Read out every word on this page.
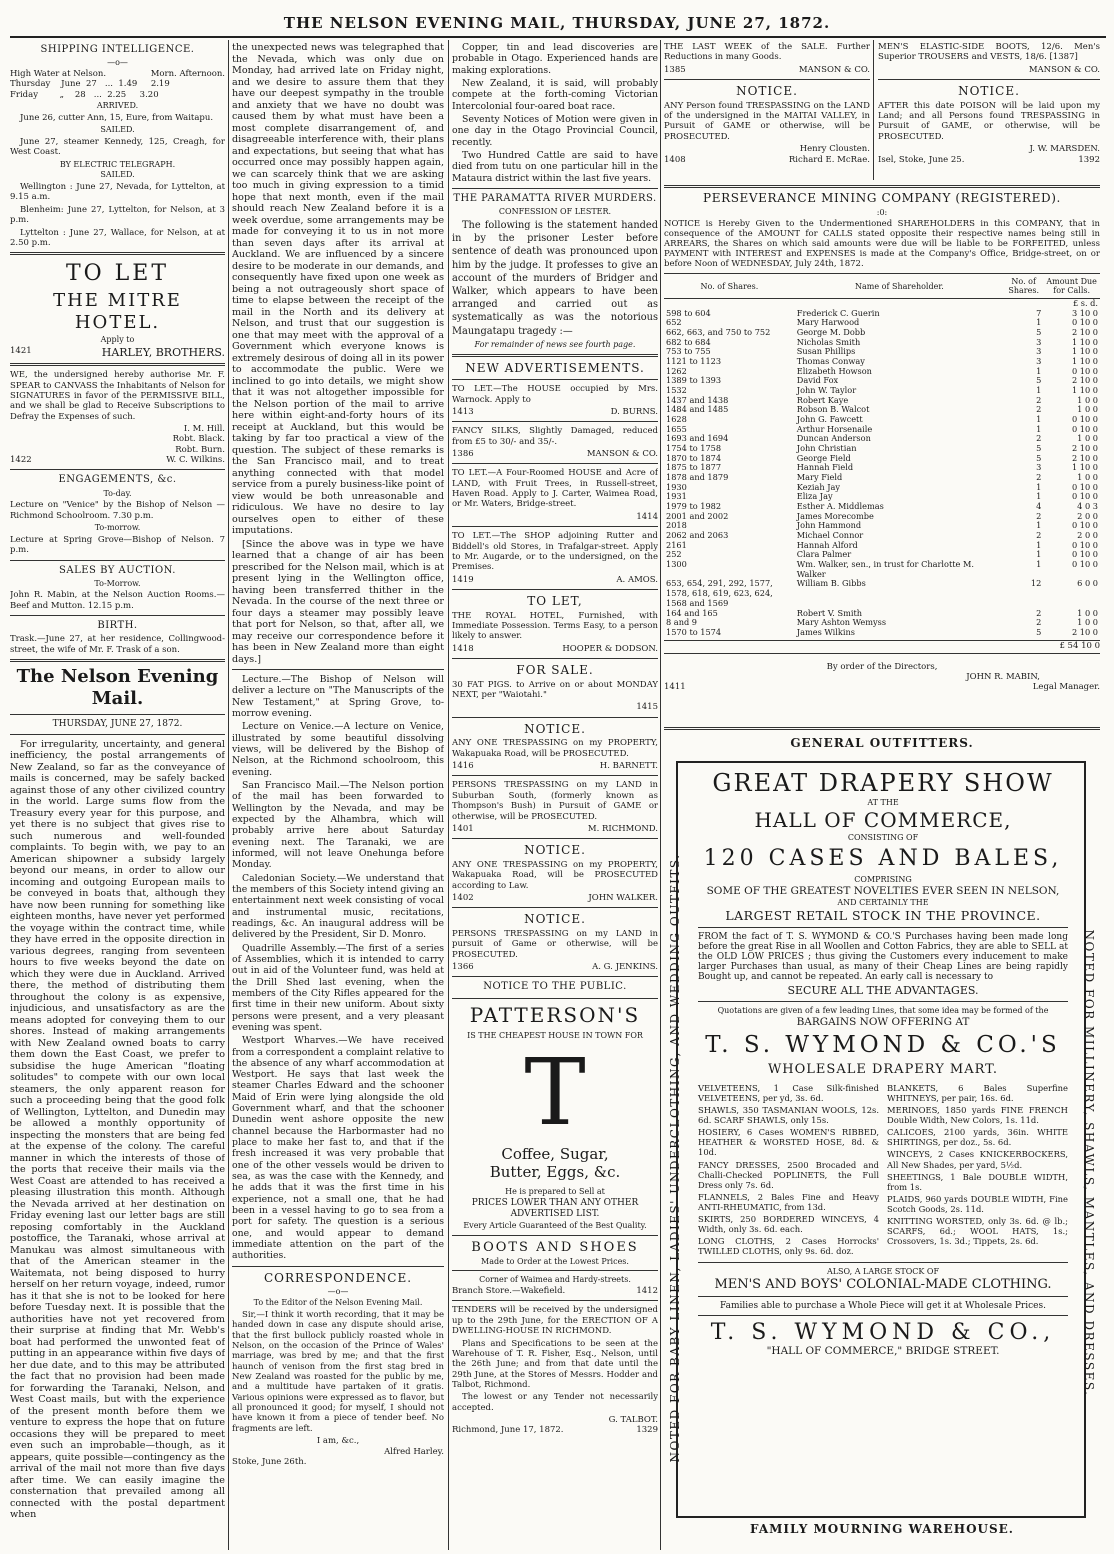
THE NELSON EVENING MAIL, THURSDAY, JUNE 27, 1872.
SHIPPING INTELLIGENCE.
—o—
High Water at Nelson.	Morn. Afternoon.
Thursday    June  27   ...  1.49     2.19
Friday        „    28   ...  2.25     3.20
ARRIVED.
June 26, cutter Ann, 15, Eure, from Waitapu.
SAILED.
June 27, steamer Kennedy, 125, Creagh, for West Coast.
BY ELECTRIC TELEGRAPH.
SAILED.
Wellington : June 27, Nevada, for Lyttelton, at 9.15 a.m.
Blenheim: June 27, Lyttelton, for Nelson, at 3 p.m.
Lyttelton : June 27, Wallace, for Nelson, at at 2.50 p.m.
TO LET
THE MITRE HOTEL.
Apply to
1421	HARLEY, BROTHERS.
WE, the undersigned hereby authorise Mr. F. SPEAR to CANVASS the Inhabitants of Nelson for SIGNATURES in favor of the PERMISSIVE BILL, and we shall be glad to Receive Subscriptions to Defray the Expenses of such.
I. M. Hill.
Robt. Black.
Robt. Burn.
1422	W. C. Wilkins.
ENGAGEMENTS, &c.
To-day.
Lecture on "Venice" by the Bishop of Nelson —Richmond Schoolroom. 7.30 p.m.
To-morrow.
Lecture at Spring Grove—Bishop of Nelson. 7 p.m.
SALES BY AUCTION.
To-Morrow.
John R. Mabin, at the Nelson Auction Rooms.—Beef and Mutton. 12.15 p.m.
BIRTH.
Trask.—June 27, at her residence, Collingwood-street, the wife of Mr. F. Trask of a son.
The Nelson Evening Mail.
THURSDAY, JUNE 27, 1872.
For irregularity, uncertainty, and general inefficiency, the postal arrangements of New Zealand, so far as the conveyance of mails is concerned, may be safely backed against those of any other civilized country in the world. Large sums flow from the Treasury every year for this purpose, and yet there is no subject that gives rise to such numerous and well-founded complaints. To begin with, we pay to an American shipowner a subsidy largely beyond our means, in order to allow our incoming and outgoing European mails to be conveyed in boats that, although they have now been running for something like eighteen months, have never yet performed the voyage within the contract time, while they have erred in the opposite direction in various degrees, ranging from seventeen hours to five weeks beyond the date on which they were due in Auckland. Arrived there, the method of distributing them throughout the colony is as expensive, injudicious, and unsatisfactory as are the means adopted for conveying them to our shores. Instead of making arrangements with New Zealand owned boats to carry them down the East Coast, we prefer to subsidise the huge American "floating solitudes" to compete with our own local steamers, the only apparent reason for such a proceeding being that the good folk of Wellington, Lyttelton, and Dunedin may be allowed a monthly opportunity of inspecting the monsters that are being fed at the expense of the colony. The careful manner in which the interests of those of the ports that receive their mails via the West Coast are attended to has received a pleasing illustration this month. Although the Nevada arrived at her destination on Friday evening last our letter bags are still reposing comfortably in the Auckland postoffice, the Taranaki, whose arrival at Manukau was almost simultaneous with that of the American steamer in the Waitemata, not being disposed to hurry herself on her return voyage, indeed, rumor has it that she is not to be looked for here before Tuesday next. It is possible that the authorities have not yet recovered from their surprise at finding that Mr. Webb's boat had performed the unwonted feat of putting in an appearance within five days of her due date, and to this may be attributed the fact that no provision had been made for forwarding the Taranaki, Nelson, and West Coast mails, but with the experience of the present month before them we venture to express the hope that on future occasions they will be prepared to meet even such an improbable—though, as it appears, quite possible—contingency as the arrival of the mail not more than five days after time. We can easily imagine the consternation that prevailed among all connected with the postal department when
the unexpected news was telegraphed that the Nevada, which was only due on Monday, had arrived late on Friday night, and we desire to assure them that they have our deepest sympathy in the trouble and anxiety that we have no doubt was caused them by what must have been a most complete disarrangement of, and disagreeable interference with, their plans and expectations, but seeing that what has occurred once may possibly happen again, we can scarcely think that we are asking too much in giving expression to a timid hope that next month, even if the mail should reach New Zealand before it is a week overdue, some arrangements may be made for conveying it to us in not more than seven days after its arrival at Auckland. We are influenced by a sincere desire to be moderate in our demands, and consequently have fixed upon one week as being a not outrageously short space of time to elapse between the receipt of the mail in the North and its delivery at Nelson, and trust that our suggestion is one that may meet with the approval of a Government which everyone knows is extremely desirous of doing all in its power to accommodate the public. Were we inclined to go into details, we might show that it was not altogether impossible for the Nelson portion of the mail to arrive here within eight-and-forty hours of its receipt at Auckland, but this would be taking by far too practical a view of the question. The subject of these remarks is the San Francisco mail, and to treat anything connected with that model service from a purely business-like point of view would be both unreasonable and ridiculous. We have no desire to lay ourselves open to either of these imputations.
[Since the above was in type we have learned that a change of air has been prescribed for the Nelson mail, which is at present lying in the Wellington office, having been transferred thither in the Nevada. In the course of the next three or four days a steamer may possibly leave that port for Nelson, so that, after all, we may receive our correspondence before it has been in New Zealand more than eight days.]
Lecture.—The Bishop of Nelson will deliver a lecture on "The Manuscripts of the New Testament," at Spring Grove, to-morrow evening.
Lecture on Venice.—A lecture on Venice, illustrated by some beautiful dissolving views, will be delivered by the Bishop of Nelson, at the Richmond schoolroom, this evening.
San Francisco Mail.—The Nelson portion of the mail has been forwarded to Wellington by the Nevada, and may be expected by the Alhambra, which will probably arrive here about Saturday evening next. The Taranaki, we are informed, will not leave Onehunga before Monday.
Caledonian Society.—We understand that the members of this Society intend giving an entertainment next week consisting of vocal and instrumental music, recitations, readings, &c. An inaugural address will be delivered by the President, Sir D. Monro.
Quadrille Assembly.—The first of a series of Assemblies, which it is intended to carry out in aid of the Volunteer fund, was held at the Drill Shed last evening, when the members of the City Rifles appeared for the first time in their new uniform. About sixty persons were present, and a very pleasant evening was spent.
Westport Wharves.—We have received from a correspondent a complaint relative to the absence of any wharf accommodation at Westport. He says that last week the steamer Charles Edward and the schooner Maid of Erin were lying alongside the old Government wharf, and that the schooner Dunedin went ashore opposite the new channel because the Harbormaster had no place to make her fast to, and that if the fresh increased it was very probable that one of the other vessels would be driven to sea, as was the case with the Kennedy, and he adds that it was the first time in his experience, not a small one, that he had been in a vessel having to go to sea from a port for safety. The question is a serious one, and would appear to demand immediate attention on the part of the authorities.
CORRESPONDENCE.
—o—
To the Editor of the Nelson Evening Mail.
Sir,—I think it worth recording, that it may be handed down in case any dispute should arise, that the first bullock publicly roasted whole in Nelson, on the occasion of the Prince of Wales' marriage, was bred by me; and that the first haunch of venison from the first stag bred in New Zealand was roasted for the public by me, and a multitude have partaken of it gratis. Various opinions were expressed as to flavor, but all pronounced it good; for myself, I should not have known it from a piece of tender beef. No fragments are left.
I am, &c.,
Alfred Harley.
Stoke, June 26th.
Copper, tin and lead discoveries are probable in Otago. Experienced hands are making explorations.
New Zealand, it is said, will probably compete at the forth-coming Victorian Intercolonial four-oared boat race.
Seventy Notices of Motion were given in one day in the Otago Provincial Council, recently.
Two Hundred Cattle are said to have died from tutu on one particular hill in the Mataura district within the last five years.
THE PARAMATTA RIVER MURDERS.
CONFESSION OF LESTER.
The following is the statement handed in by the prisoner Lester before sentence of death was pronounced upon him by the judge. It professes to give an account of the murders of Bridger and Walker, which appears to have been arranged and carried out as systematically as was the notorious Maungatapu tragedy :—
For remainder of news see fourth page.
NEW ADVERTISEMENTS.
TO LET.—The HOUSE occupied by Mrs. Warnock. Apply to
1413	D. BURNS.
FANCY SILKS, Slightly Damaged, reduced from £5 to 30/- and 35/-.
1386	MANSON & CO.
TO LET.—A Four-Roomed HOUSE and Acre of LAND, with Fruit Trees, in Russell-street, Haven Road. Apply to J. Carter, Waimea Road, or Mr. Waters, Bridge-street.
1414
TO LET.—The SHOP adjoining Rutter and Biddell's old Stores, in Trafalgar-street. Apply to Mr. Augarde, or to the undersigned, on the Premises.
1419	A. AMOS.
TO LET,
THE ROYAL HOTEL, Furnished, with Immediate Possession. Terms Easy, to a person likely to answer.
1418	HOOPER & DODSON.
FOR SALE.
30 FAT PIGS. to Arrive on or about MONDAY NEXT, per "Waiotahi."
1415
NOTICE.
ANY ONE TRESPASSING on my PROPERTY, Wakapuaka Road, will be PROSECUTED.
1416	H. BARNETT.
PERSONS TRESPASSING on my LAND in Suburban South, (formerly known as Thompson's Bush) in Pursuit of GAME or otherwise, will be PROSECUTED.
1401	M. RICHMOND.
NOTICE.
ANY ONE TRESPASSING on my PROPERTY, Wakapuaka Road, will be PROSECUTED according to Law.
1402	JOHN WALKER.
NOTICE.
PERSONS TRESPASSING on my LAND in pursuit of Game or otherwise, will be PROSECUTED.
1366	A. G. JENKINS.
NOTICE TO THE PUBLIC.
PATTERSON'S
IS THE CHEAPEST HOUSE IN TOWN FOR
T
Coffee, Sugar,
Butter, Eggs, &c.
He is prepared to Sell at
PRICES LOWER THAN ANY OTHER ADVERTISED LIST.
Every Article Guaranteed of the Best Quality.
BOOTS AND SHOES
Made to Order at the Lowest Prices.
Corner of Waimea and Hardy-streets.
Branch Store.—Wakefield.	1412
TENDERS will be received by the undersigned up to the 29th June, for the ERECTION OF A DWELLING-HOUSE IN RICHMOND.
Plans and Specifications to be seen at the Warehouse of T. R. Fisher, Esq., Nelson, until the 26th June; and from that date until the 29th June, at the Stores of Messrs. Hodder and Talbot, Richmond.
The lowest or any Tender not necessarily accepted.
G. TALBOT.
Richmond, June 17, 1872.	1329
THE LAST WEEK of the SALE. Further Reductions in many Goods.
1385	MANSON & CO.
NOTICE.
ANY Person found TRESPASSING on the LAND of the undersigned in the MAITAI VALLEY, in Pursuit of GAME or otherwise, will be PROSECUTED.
Henry Clousten.
1408	Richard E. McRae.
MEN'S ELASTIC-SIDE BOOTS, 12/6. Men's Superior TROUSERS and VESTS, 18/6. [1387]
MANSON & CO.
NOTICE.
AFTER this date POISON will be laid upon my Land; and all Persons found TRESPASSING in Pursuit of GAME, or otherwise, will be PROSECUTED.
J. W. MARSDEN.
Isel, Stoke, June 25.	1392
PERSEVERANCE MINING COMPANY (REGISTERED).
:0:
NOTICE is Hereby Given to the Undermentioned SHAREHOLDERS in this COMPANY, that in consequence of the AMOUNT for CALLS stated opposite their respective names being still in ARREARS, the Shares on which said amounts were due will be liable to be FORFEITED, unless PAYMENT with INTEREST and EXPENSES is made at the Company's Office, Bridge-street, on or before Noon of WEDNESDAY, July 24th, 1872.
No. of Shares.	Name of Shareholder.	No. of Shares.	Amount Due for Calls.
			£ s. d.
598 to 604	Frederick C. Guerin	7	3 10 0
652	Mary Harwood	1	0 10 0
662, 663, and 750 to 752	George M. Dobb	5	2 10 0
682 to 684	Nicholas Smith	3	1 10 0
753 to 755	Susan Phillips	3	1 10 0
1121 to 1123	Thomas Conway	3	1 10 0
1262	Elizabeth Howson	1	0 10 0
1389 to 1393	David Fox	5	2 10 0
1532	John W. Taylor	1	1 10 0
1437 and 1438	Robert Kaye	2	1 0 0
1484 and 1485	Robson B. Walcot	2	1 0 0
1628	John G. Fawcett	1	0 10 0
1655	Arthur Horsenaile	1	0 10 0
1693 and 1694	Duncan Anderson	2	1 0 0
1754 to 1758	John Christian	5	2 10 0
1870 to 1874	George Field	5	2 10 0
1875 to 1877	Hannah Field	3	1 10 0
1878 and 1879	Mary Field	2	1 0 0
1930	Keziah Jay	1	0 10 0
1931	Eliza Jay	1	0 10 0
1979 to 1982	Esther A. Middlemas	4	4 0 3
2001 and 2002	James Morecombe	2	2 0 0
2018	John Hammond	1	0 10 0
2062 and 2063	Michael Connor	2	2 0 0
2161	Hannah Alford	1	0 10 0
252	Clara Palmer	1	0 10 0
1300	Wm. Walker, sen., in trust for Charlotte M. Walker	1	0 10 0
653, 654, 291, 292, 1577, 1578, 618, 619, 623, 624, 1568 and 1569	William B. Gibbs	12	6 0 0
164 and 165	Robert V. Smith	2	1 0 0
8 and 9	Mary Ashton Wemyss	2	1 0 0
1570 to 1574	James Wilkins	5	2 10 0
£ 54 10 0
By order of the Directors,
JOHN R. MABIN,
1411	Legal Manager.
GENERAL OUTFITTERS.
NOTED FOR BABY LINEN, LADIES' UNDERCLOTHING, AND WEDDING OUTFITS.	NOTED FOR MILLINERY, SHAWLS, MANTLES, AND DRESSES.
GREAT DRAPERY SHOW
AT THE
HALL OF COMMERCE,
CONSISTING OF
120 CASES AND BALES,
COMPRISING
SOME OF THE GREATEST NOVELTIES EVER SEEN IN NELSON,
AND CERTAINLY THE
LARGEST RETAIL STOCK IN THE PROVINCE.
FROM the fact of T. S. WYMOND & CO.'S Purchases having been made long before the great Rise in all Woollen and Cotton Fabrics, they are able to SELL at the OLD LOW PRICES ; thus giving the Customers every inducement to make larger Purchases than usual, as many of their Cheap Lines are being rapidly Bought up, and cannot be repeated. An early call is necessary to
SECURE ALL THE ADVANTAGES.
Quotations are given of a few leading Lines, that some idea may be formed of the
BARGAINS NOW OFFERING AT
T. S. WYMOND & CO.'S
WHOLESALE DRAPERY MART.
VELVETEENS, 1 Case Silk-finished VELVETEENS, per yd, 3s. 6d.
SHAWLS, 350 TASMANIAN WOOLS, 12s. 6d. SCARF SHAWLS, only 15s.
HOSIERY, 6 Cases WOMEN'S RIBBED, HEATHER & WORSTED HOSE, 8d. & 10d.
FANCY DRESSES, 2500 Brocaded and Challi-Checked POPLINETS, the Full Dress only 7s. 6d.
FLANNELS, 2 Bales Fine and Heavy ANTI-RHEUMATIC, from 13d.
SKIRTS, 250 BORDERED WINCEYS, 4 Width, only 3s. 6d. each.
LONG CLOTHS, 2 Cases Horrocks' TWILLED CLOTHS, only 9s. 6d. doz.
BLANKETS, 6 Bales Superfine WHITNEYS, per pair, 16s. 6d.
MERINOES, 1850 yards FINE FRENCH Double Width, New Colors, 1s. 11d.
CALICOES, 2100 yards, 36in. WHITE SHIRTINGS, per doz., 5s. 6d.
WINCEYS, 2 Cases KNICKERBOCKERS, All New Shades, per yard, 5½d.
SHEETINGS, 1 Bale DOUBLE WIDTH, from 1s.
PLAIDS, 960 yards DOUBLE WIDTH, Fine Scotch Goods, 2s. 11d.
KNITTING WORSTED, only 3s. 6d. @ lb.; SCARFS, 6d.; WOOL HATS, 1s.; Crossovers, 1s. 3d.; Tippets, 2s. 6d.
ALSO, A LARGE STOCK OF
MEN'S AND BOYS' COLONIAL-MADE CLOTHING.
Families able to purchase a Whole Piece will get it at Wholesale Prices.
T. S. WYMOND & CO.,
"HALL OF COMMERCE," BRIDGE STREET.
FAMILY MOURNING WAREHOUSE.
